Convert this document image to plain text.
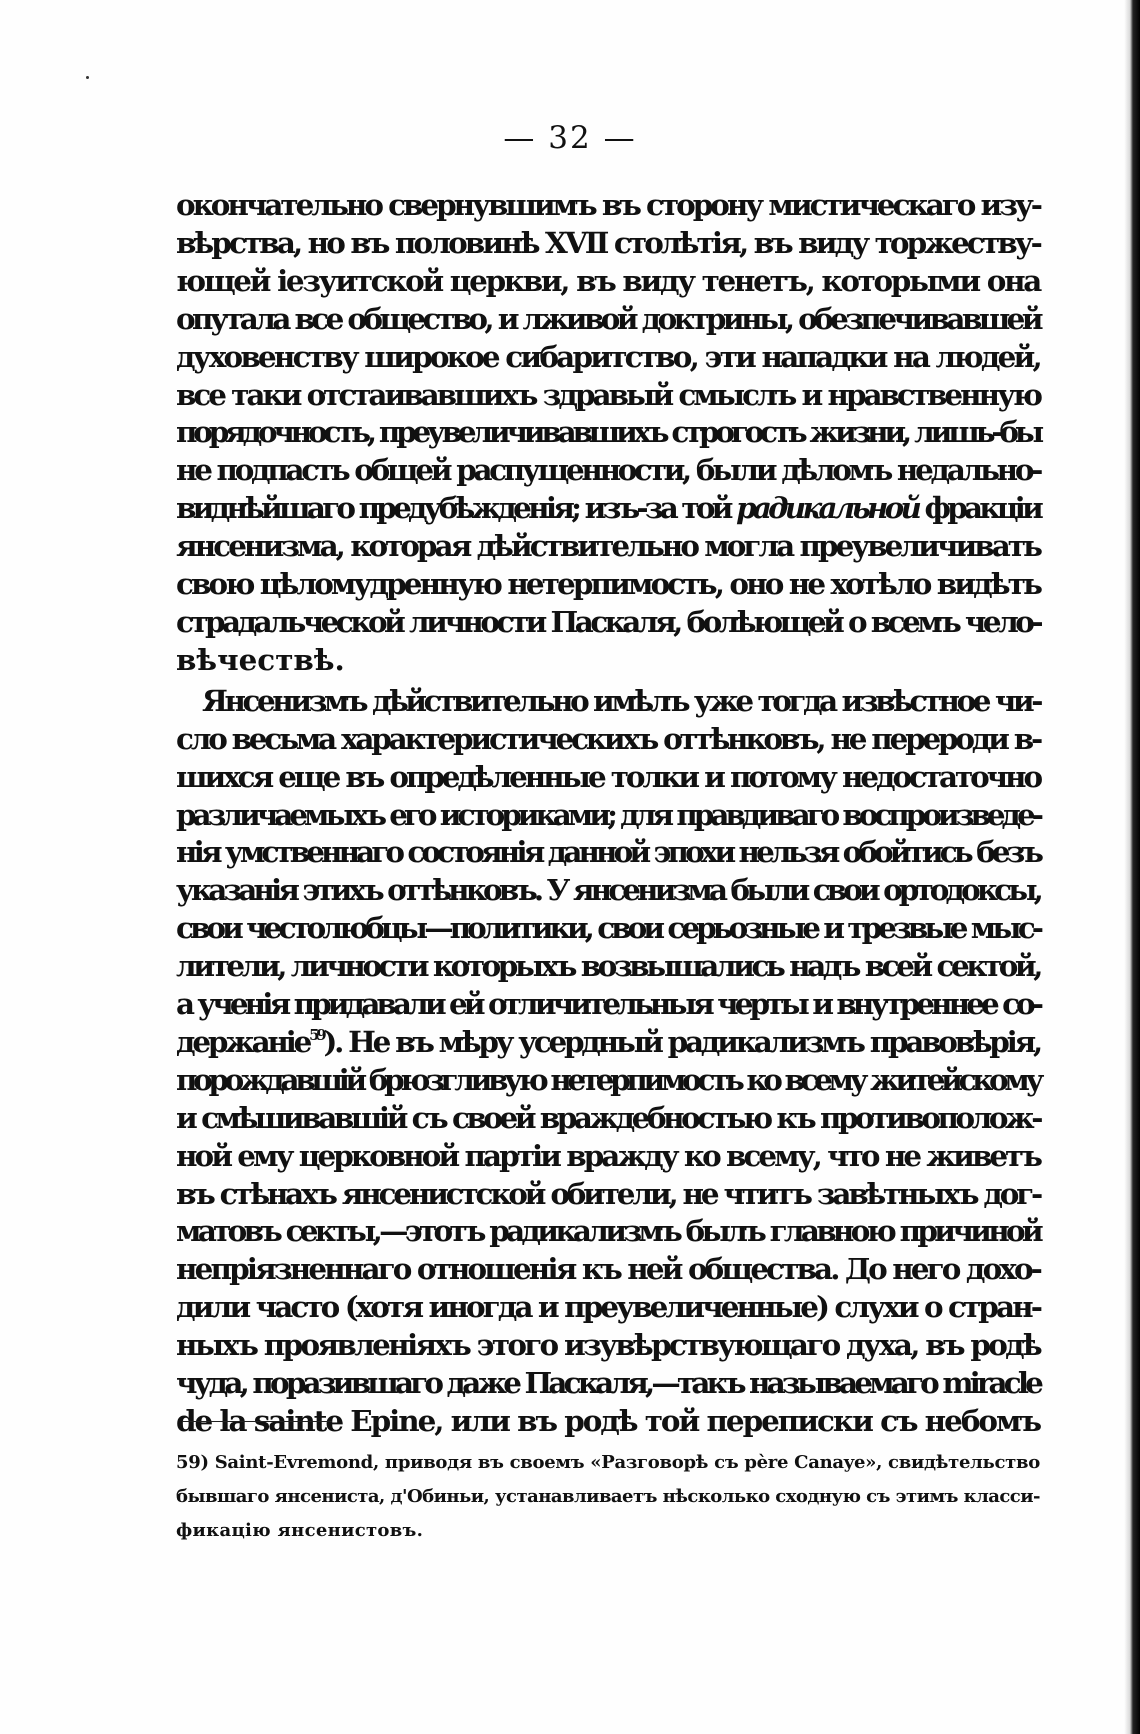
— 32 —

окончательно свернувшимъ въ сторону мистическаго изу-
вѣрства, но въ половинѣ XVII столѣтія, въ виду торжеству-
ющей іезуитской церкви, въ виду тенетъ, которыми она
опутала все общество, и лживой доктрины, обезпечивавшей
духовенству широкое сибаритство, эти нападки на людей,
все таки отстаивавшихъ здравый смыслъ и нравственную
порядочность, преувеличивавшихъ строгость жизни, лишь-бы
не подпасть общей распущенности, были дѣломъ недально-
виднѣйшаго предубѣжденія; изъ-за той радикальной фракціи
янсенизма, которая дѣйствительно могла преувеличивать
свою цѣломудренную нетерпимость, оно не хотѣло видѣть
страдальческой личности Паскаля, болѣющей о всемъ чело-
вѣчествѣ.

Янсенизмъ дѣйствительно имѣлъ уже тогда извѣстное чи-
сло весьма характеристическихъ оттѣнковъ, не перероди в-
шихся еще въ опредѣленные толки и потому недостаточно
различаемыхъ его историками; для правдиваго воспроизведе-
нія умственнаго состоянія данной эпохи нельзя обойтись безъ
указанія этихъ оттѣнковъ. У янсенизма были свои ортодоксы,
свои честолюбцы—политики, свои серьозные и трезвые мыс-
лители, личности которыхъ возвышались надъ всей сектой,
а ученія придавали ей отличительныя черты и внутреннее со-
держаніе$^{59}$). Не въ мѣру усердный радикализмъ правовѣрія,
порождавшій брюзгливую нетерпимость ко всему житейскому
и смѣшивавшій съ своей враждебностью къ противополож-
ной ему церковной партіи вражду ко всему, что не живетъ
въ стѣнахъ янсенистской обители, не чтитъ завѣтныхъ дог-
матовъ секты,—этотъ радикализмъ былъ главною причиной
непріязненнаго отношенія къ ней общества. До него дохо-
дили часто (хотя иногда и преувеличенные) слухи о стран-
ныхъ проявленіяхъ этого изувѣрствующаго духа, въ родѣ
чуда, поразившаго даже Паскаля,—такъ называемаго miracle
de la sainte Epine, или въ родѣ той переписки съ небомъ

59) Saint-Evremond, приводя въ своемъ «Разговорѣ съ pѐre Canaye», свидѣтельство
бывшаго янсениста, д'Обиньи, устанавливаетъ нѣсколько сходную съ этимъ класси-
фикацію янсенистовъ.
